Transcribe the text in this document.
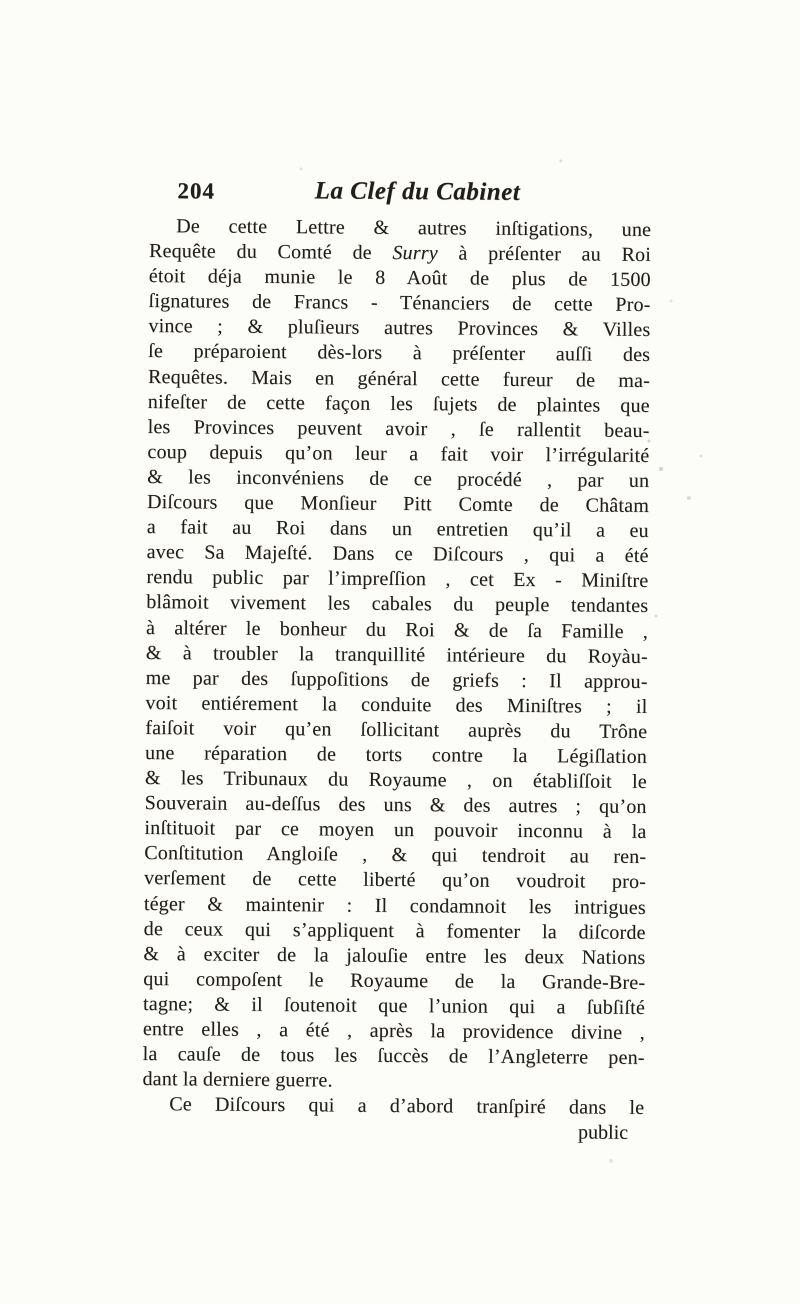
204	La Clef du Cabinet
De cette Lettre & autres inſtigations, une
Requête du Comté de Surry à préſenter au Roi
étoit déja munie le 8 Août de plus de 1500
ſignatures de Francs - Ténanciers de cette Pro-
vince ; & pluſieurs autres Provinces & Villes
ſe préparoient dès-lors à préſenter auſſi des
Requêtes. Mais en général cette fureur de ma-
nifeſter de cette façon les ſujets de plaintes que
les Provinces peuvent avoir , ſe rallentit beau-
coup depuis qu’on leur a fait voir l’irrégularité
& les inconvéniens de ce procédé , par un
Diſcours que Monſieur Pitt Comte de Châtam
a fait au Roi dans un entretien qu’il a eu
avec Sa Majeſté. Dans ce Diſcours , qui a été
rendu public par l’impreſſion , cet Ex - Miniſtre
blâmoit vivement les cabales du peuple tendantes
à altérer le bonheur du Roi & de ſa Famille ,
& à troubler la tranquillité intérieure du Royàu-
me par des ſuppoſitions de griefs : Il approu-
voit entiérement la conduite des Miniſtres ; il
faiſoit voir qu’en ſollicitant auprès du Trône
une réparation de torts contre la Légiſlation
& les Tribunaux du Royaume , on établiſſoit le
Souverain au-deſſus des uns & des autres ; qu’on
inſtituoit par ce moyen un pouvoir inconnu à la
Conſtitution Angloiſe , & qui tendroit au ren-
verſement de cette liberté qu’on voudroit pro-
téger & maintenir : Il condamnoit les intrigues
de ceux qui s’appliquent à fomenter la diſcorde
& à exciter de la jalouſie entre les deux Nations
qui compoſent le Royaume de la Grande-Bre-
tagne; & il ſoutenoit que l’union qui a ſubſiſté
entre elles , a été , après la providence divine ,
la cauſe de tous les ſuccès de l’Angleterre pen-
dant la derniere guerre.
Ce Diſcours qui a d’abord tranſpiré dans le
public
